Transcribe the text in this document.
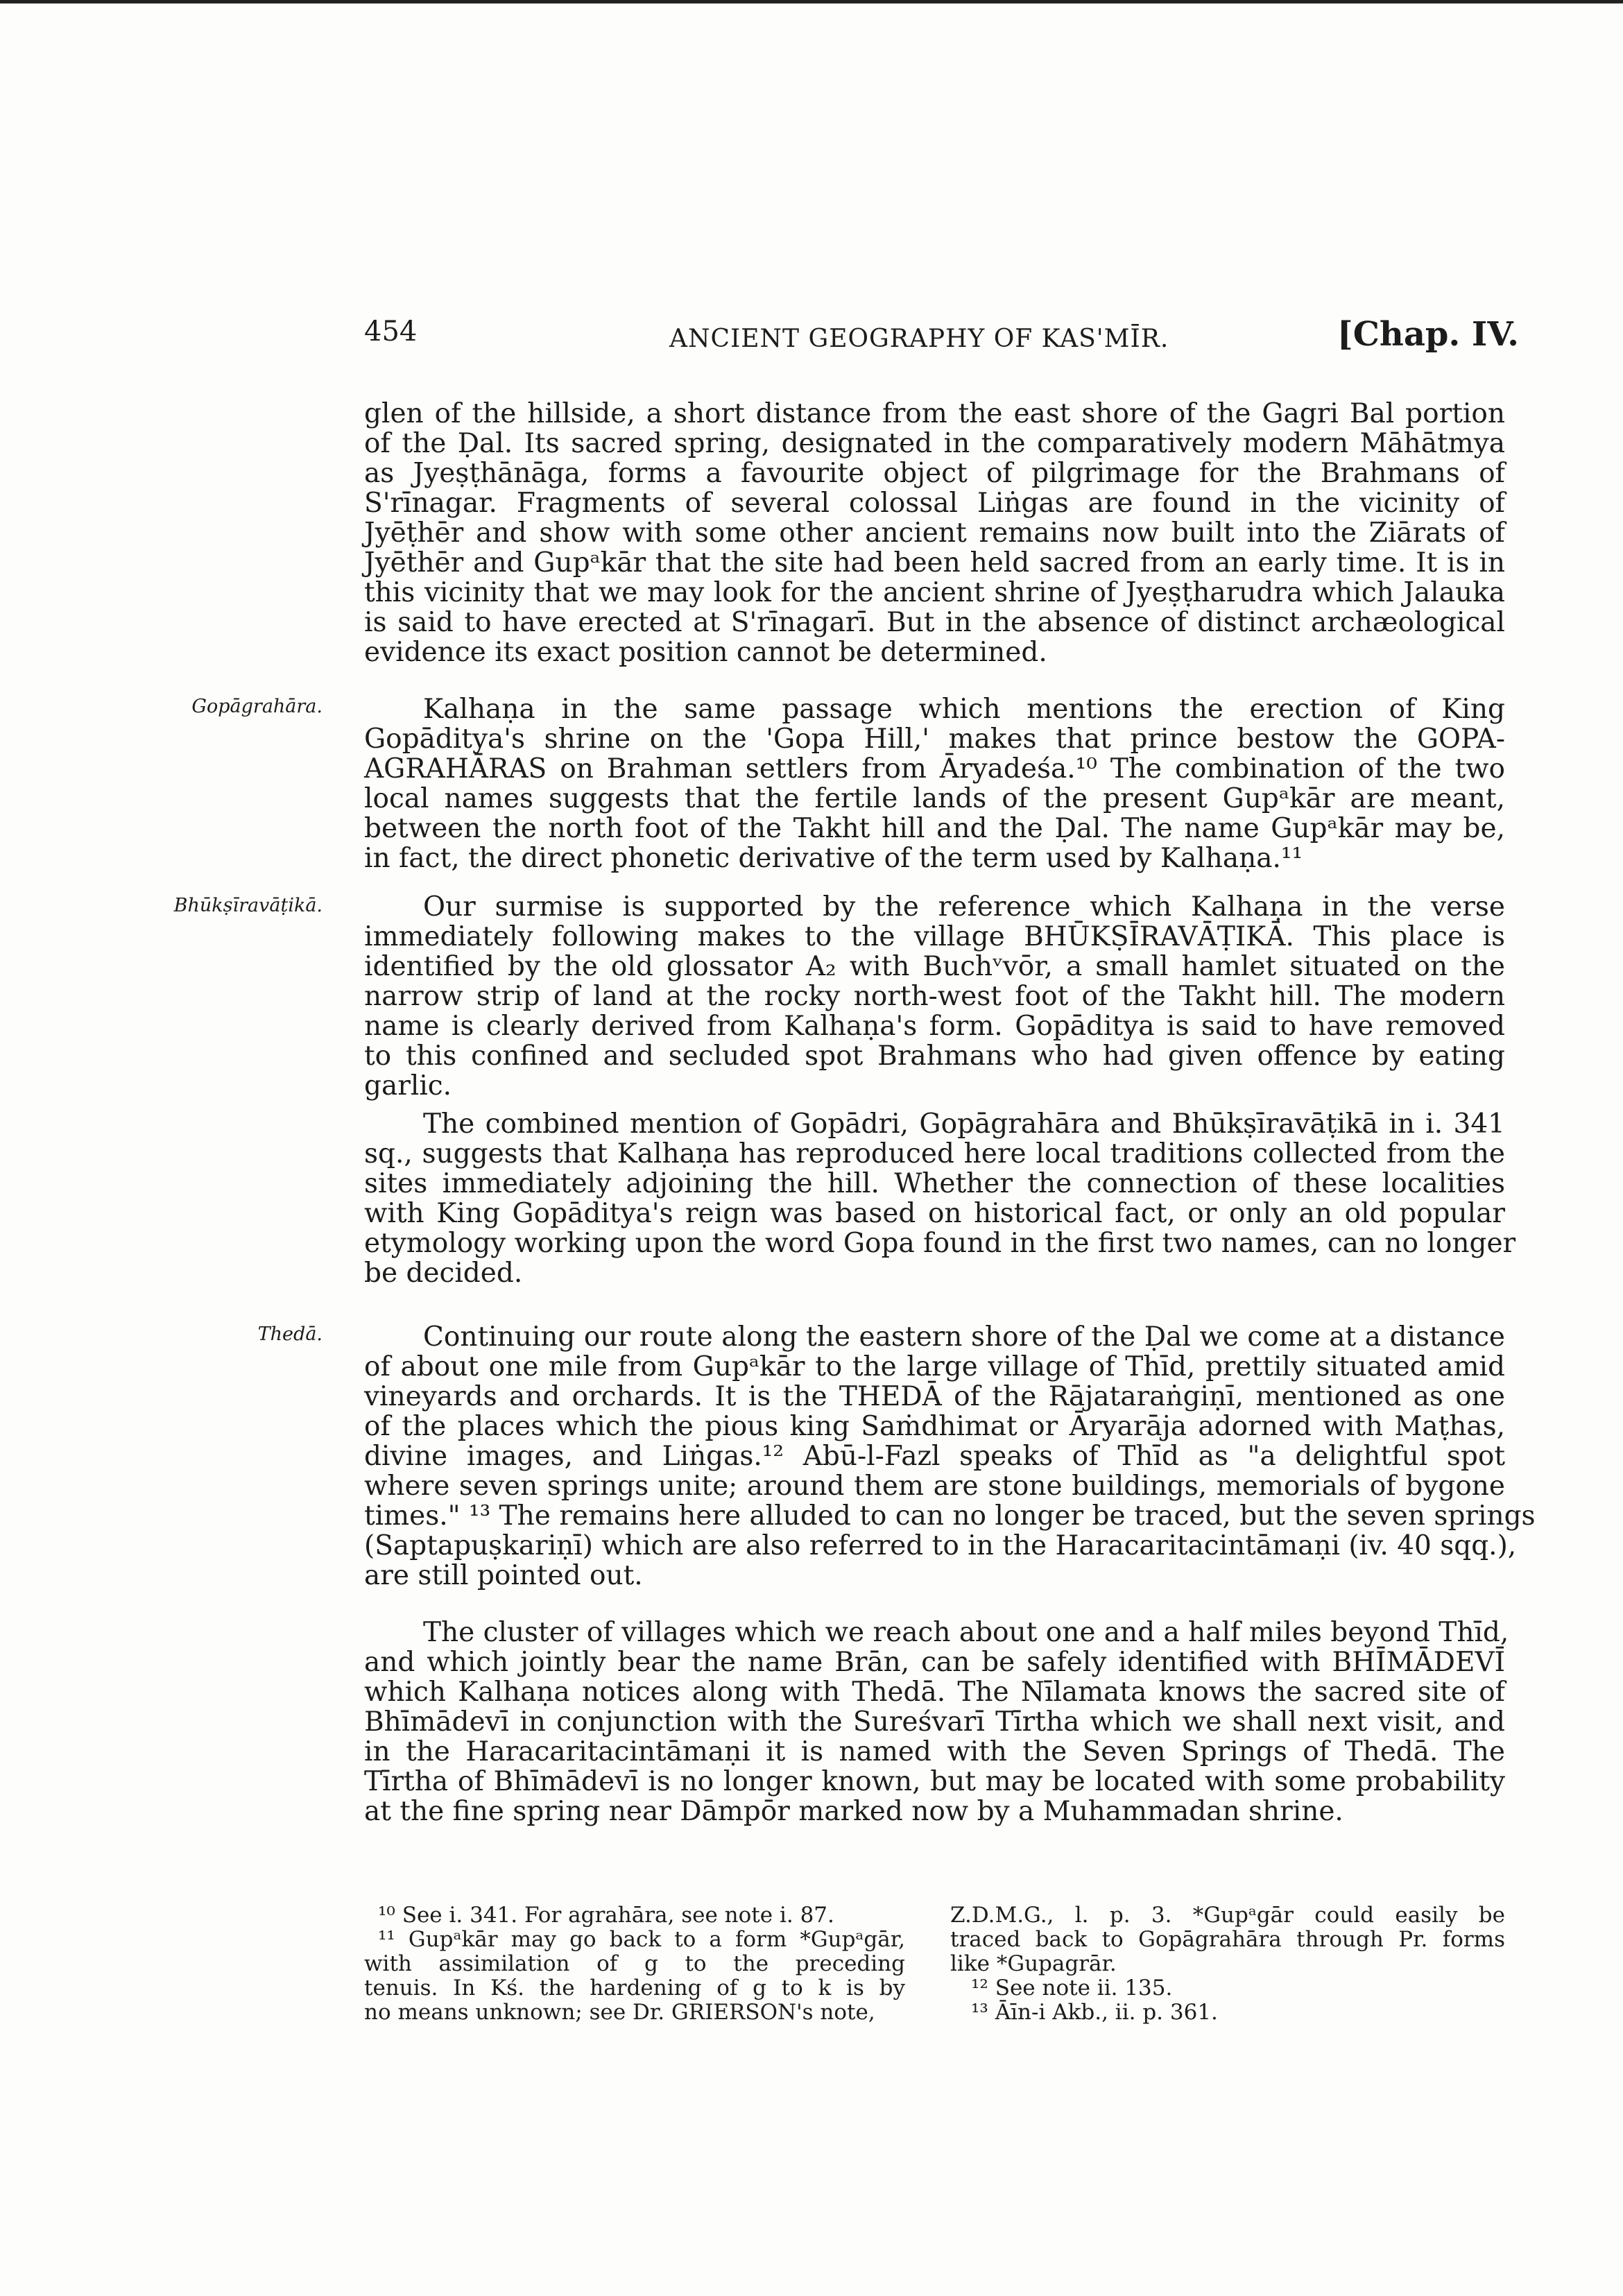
454	ANCIENT GEOGRAPHY OF KAS'MĪR.	[Chap. IV.
Gopāgrahāra.
Bhūkṣīravāṭikā.
Thedā.
glen of the hillside, a short distance from the east shore of the Gagri Bal portion
of the Ḍal. Its sacred spring, designated in the comparatively modern Māhātmya
as Jyeṣṭhānāga, forms a favourite object of pilgrimage for the Brahmans of
S'rīnagar. Fragments of several colossal Liṅgas are found in the vicinity of
Jyēṭhēr and show with some other ancient remains now built into the Ziārats of
Jyēthēr and Gupᵃkār that the site had been held sacred from an early time. It is in
this vicinity that we may look for the ancient shrine of Jyeṣṭharudra which Jalauka
is said to have erected at S'rīnagarī. But in the absence of distinct archæological
evidence its exact position cannot be determined.
Kalhaṇa in the same passage which mentions the erection of King
Gopāditya's shrine on the 'Gopa Hill,' makes that prince bestow the GOPA-
AGRAHĀRAS on Brahman settlers from Āryadeśa.¹⁰ The combination of the two
local names suggests that the fertile lands of the present Gupᵃkār are meant,
between the north foot of the Takht hill and the Ḍal. The name Gupᵃkār may be,
in fact, the direct phonetic derivative of the term used by Kalhaṇa.¹¹
Our surmise is supported by the reference which Kalhaṇa in the verse
immediately following makes to the village BHŪKṢĪRAVĀṬIKĀ. This place is
identified by the old glossator A₂ with Buchᵛvōr, a small hamlet situated on the
narrow strip of land at the rocky north-west foot of the Takht hill. The modern
name is clearly derived from Kalhaṇa's form. Gopāditya is said to have removed
to this confined and secluded spot Brahmans who had given offence by eating
garlic.
The combined mention of Gopādri, Gopāgrahāra and Bhūkṣīravāṭikā in i. 341
sq., suggests that Kalhaṇa has reproduced here local traditions collected from the
sites immediately adjoining the hill. Whether the connection of these localities
with King Gopāditya's reign was based on historical fact, or only an old popular
etymology working upon the word Gopa found in the first two names, can no longer
be decided.
Continuing our route along the eastern shore of the Ḍal we come at a distance
of about one mile from Gupᵃkār to the large village of Thīd, prettily situated amid
vineyards and orchards. It is the THEDĀ of the Rājataraṅgiṇī, mentioned as one
of the places which the pious king Saṁdhimat or Āryarāja adorned with Maṭhas,
divine images, and Liṅgas.¹² Abū-l-Fazl speaks of Thīd as "a delightful spot
where seven springs unite; around them are stone buildings, memorials of bygone
times." ¹³ The remains here alluded to can no longer be traced, but the seven springs
(Saptapuṣkariṇī) which are also referred to in the Haracaritacintāmaṇi (iv. 40 sqq.),
are still pointed out.
The cluster of villages which we reach about one and a half miles beyond Thīd,
and which jointly bear the name Brān, can be safely identified with BHĪMĀDEVĪ
which Kalhaṇa notices along with Thedā. The Nīlamata knows the sacred site of
Bhīmādevī in conjunction with the Sureśvarī Tīrtha which we shall next visit, and
in the Haracaritacintāmaṇi it is named with the Seven Springs of Thedā. The
Tīrtha of Bhīmādevī is no longer known, but may be located with some probability
at the fine spring near Dāmpōr marked now by a Muhammadan shrine.
¹⁰ See i. 341. For agrahāra, see note i. 87.
¹¹ Gupᵃkār may go back to a form *Gupᵃgār,
with assimilation of g to the preceding
tenuis. In Kś. the hardening of g to k is by
no means unknown; see Dr. GRIERSON's note,
Z.D.M.G., l. p. 3. *Gupᵃgār could easily be
traced back to Gopāgrahāra through Pr. forms
like *Gupagrār.
¹² See note ii. 135.
¹³ Āīn-i Akb., ii. p. 361.
